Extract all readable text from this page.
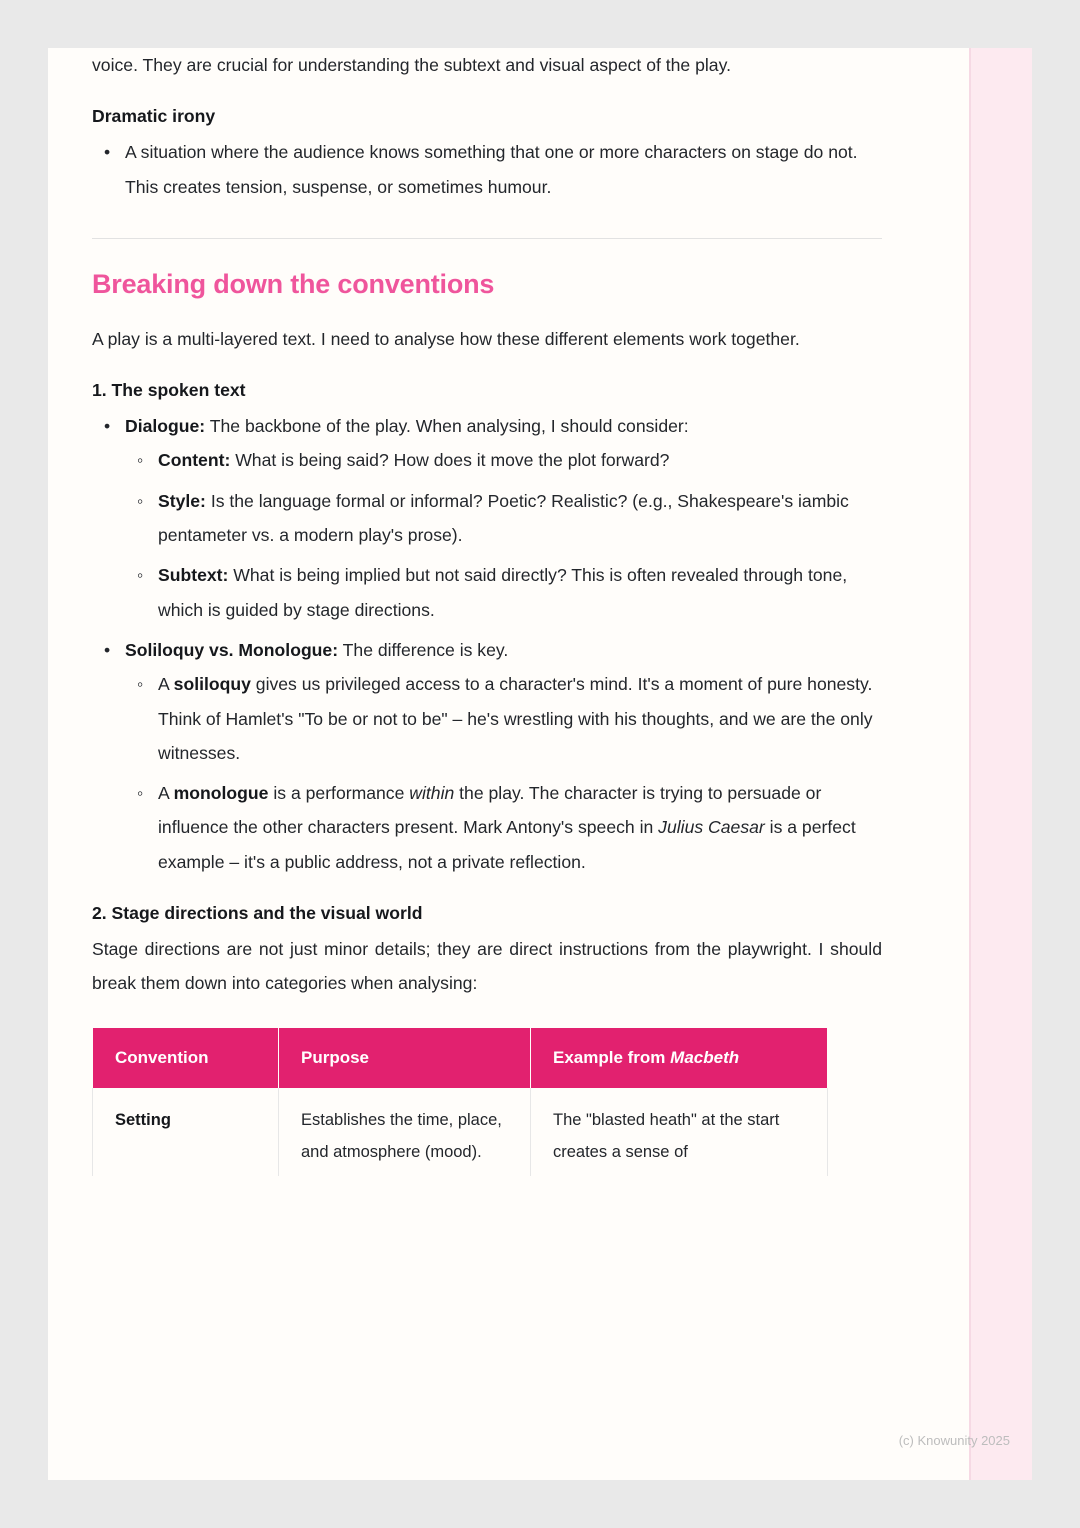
voice. They are crucial for understanding the subtext and visual aspect of the play.

Dramatic irony
• A situation where the audience knows something that one or more characters on stage do not. This creates tension, suspense, or sometimes humour.
Breaking down the conventions

A play is a multi-layered text. I need to analyse how these different elements work together.

1. The spoken text
• Dialogue: The backbone of the play. When analysing, I should consider:
◦ Content: What is being said? How does it move the plot forward?
◦ Style: Is the language formal or informal? Poetic? Realistic? (e.g., Shakespeare's iambic pentameter vs. a modern play's prose).
◦ Subtext: What is being implied but not said directly? This is often revealed through tone, which is guided by stage directions.
• Soliloquy vs. Monologue: The difference is key.
◦ A soliloquy gives us privileged access to a character's mind. It's a moment of pure honesty. Think of Hamlet's "To be or not to be" – he's wrestling with his thoughts, and we are the only witnesses.
◦ A monologue is a performance within the play. The character is trying to persuade or influence the other characters present. Mark Antony's speech in Julius Caesar is a perfect example – it's a public address, not a private reflection.
2. Stage directions and the visual world

Stage directions are not just minor details; they are direct instructions from the playwright. I should break them down into categories when analysing:

Convention	Purpose	Example from Macbeth
Setting	Establishes the time, place, and atmosphere (mood).	The "blasted heath" at the start creates a sense of
(c) Knowunity 2025
